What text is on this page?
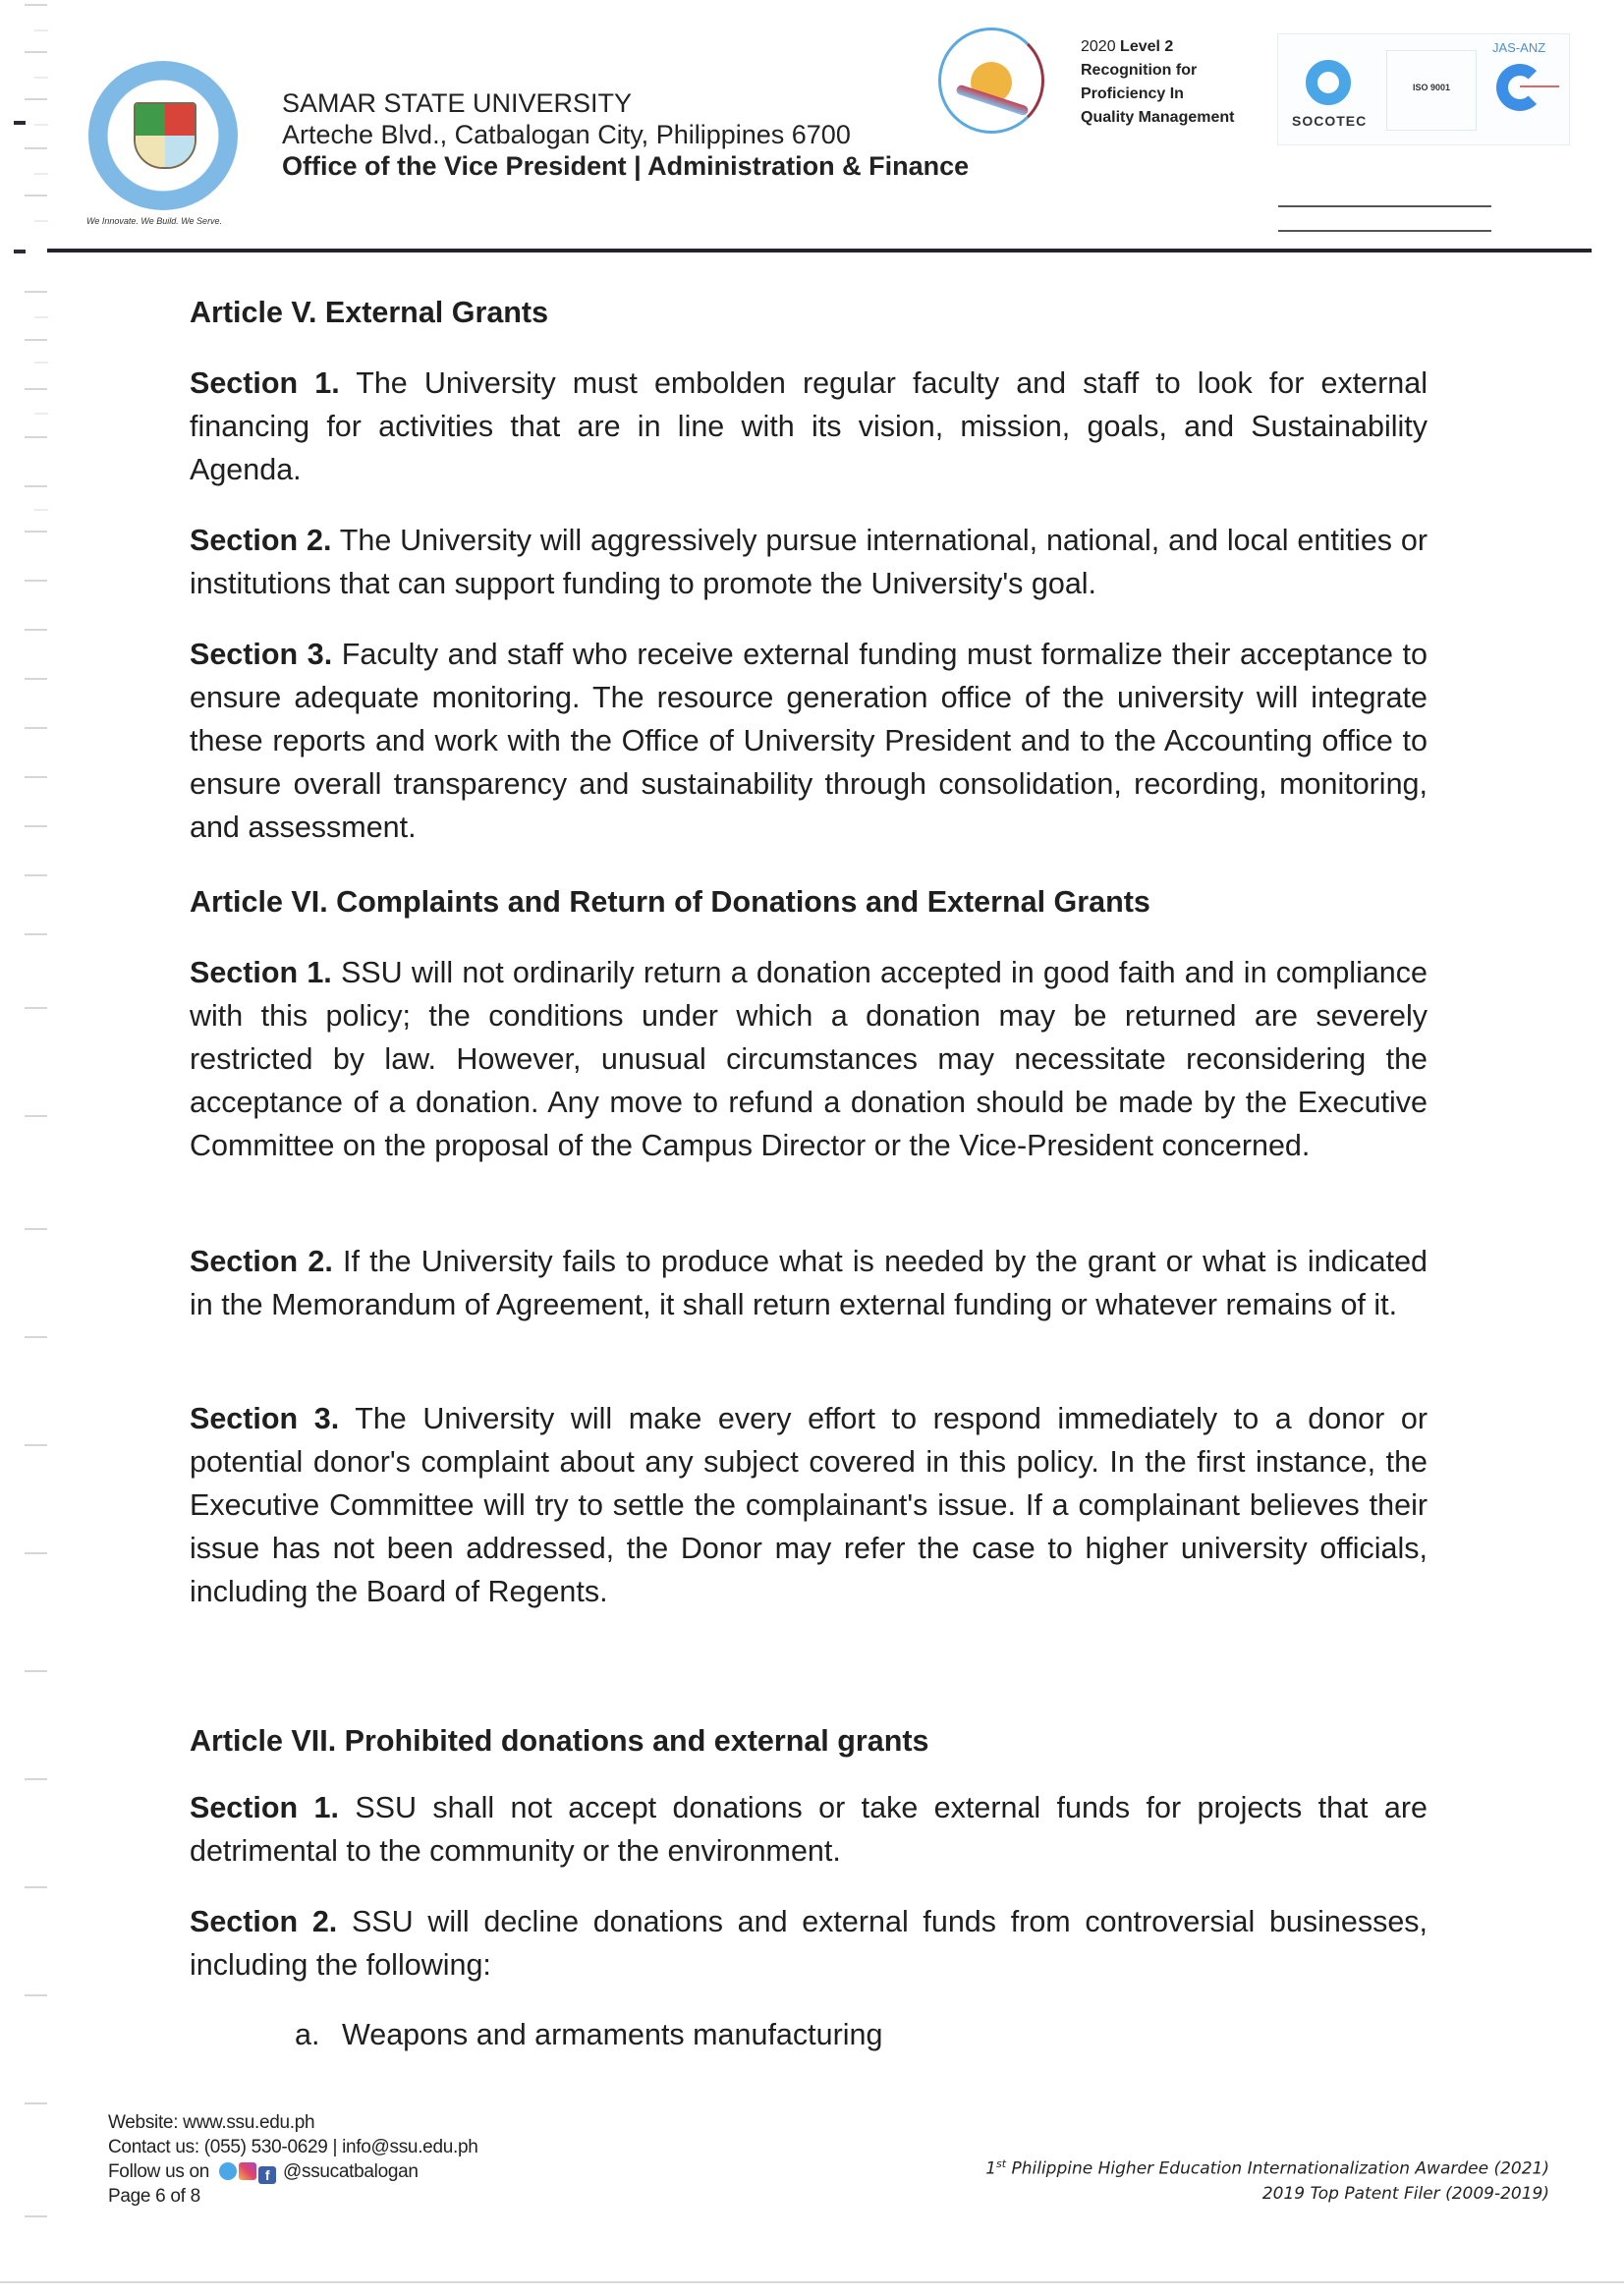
We Innovate. We Build. We Serve.
SAMAR STATE UNIVERSITY
Arteche Blvd., Catbalogan City, Philippines 6700
Office of the Vice President | Administration & Finance
2020 Level 2
Recognition for
Proficiency In
Quality Management	SOCOTEC
ISO 9001
JAS-ANZ
Article V. External Grants
Section 1. The University must embolden regular faculty and staff to look for external financing for activities that are in line with its vision, mission, goals, and Sustainability Agenda.
Section 2. The University will aggressively pursue international, national, and local entities or institutions that can support funding to promote the University's goal.
Section 3. Faculty and staff who receive external funding must formalize their acceptance to ensure adequate monitoring. The resource generation office of the university will integrate these reports and work with the Office of University President and to the Accounting office to ensure overall transparency and sustainability through consolidation, recording, monitoring, and assessment.
Article VI. Complaints and Return of Donations and External Grants
Section 1. SSU will not ordinarily return a donation accepted in good faith and in compliance with this policy; the conditions under which a donation may be returned are severely restricted by law. However, unusual circumstances may necessitate reconsidering the acceptance of a donation. Any move to refund a donation should be made by the Executive Committee on the proposal of the Campus Director or the Vice-President concerned.
Section 2. If the University fails to produce what is needed by the grant or what is indicated in the Memorandum of Agreement, it shall return external funding or whatever remains of it.
Section 3. The University will make every effort to respond immediately to a donor or potential donor's complaint about any subject covered in this policy. In the first instance, the Executive Committee will try to settle the complainant's issue. If a complainant believes their issue has not been addressed, the Donor may refer the case to higher university officials, including the Board of Regents.
Article VII. Prohibited donations and external grants
Section 1. SSU shall not accept donations or take external funds for projects that are detrimental to the community or the environment.
Section 2. SSU will decline donations and external funds from controversial businesses, including the following:
a. Weapons and armaments manufacturing
Website: www.ssu.edu.ph
Contact us: (055) 530-0629 | info@ssu.edu.ph
Follow us on	f @ssucatbalogan
Page 6 of 8
1st Philippine Higher Education Internationalization Awardee (2021)
2019 Top Patent Filer (2009-2019)
